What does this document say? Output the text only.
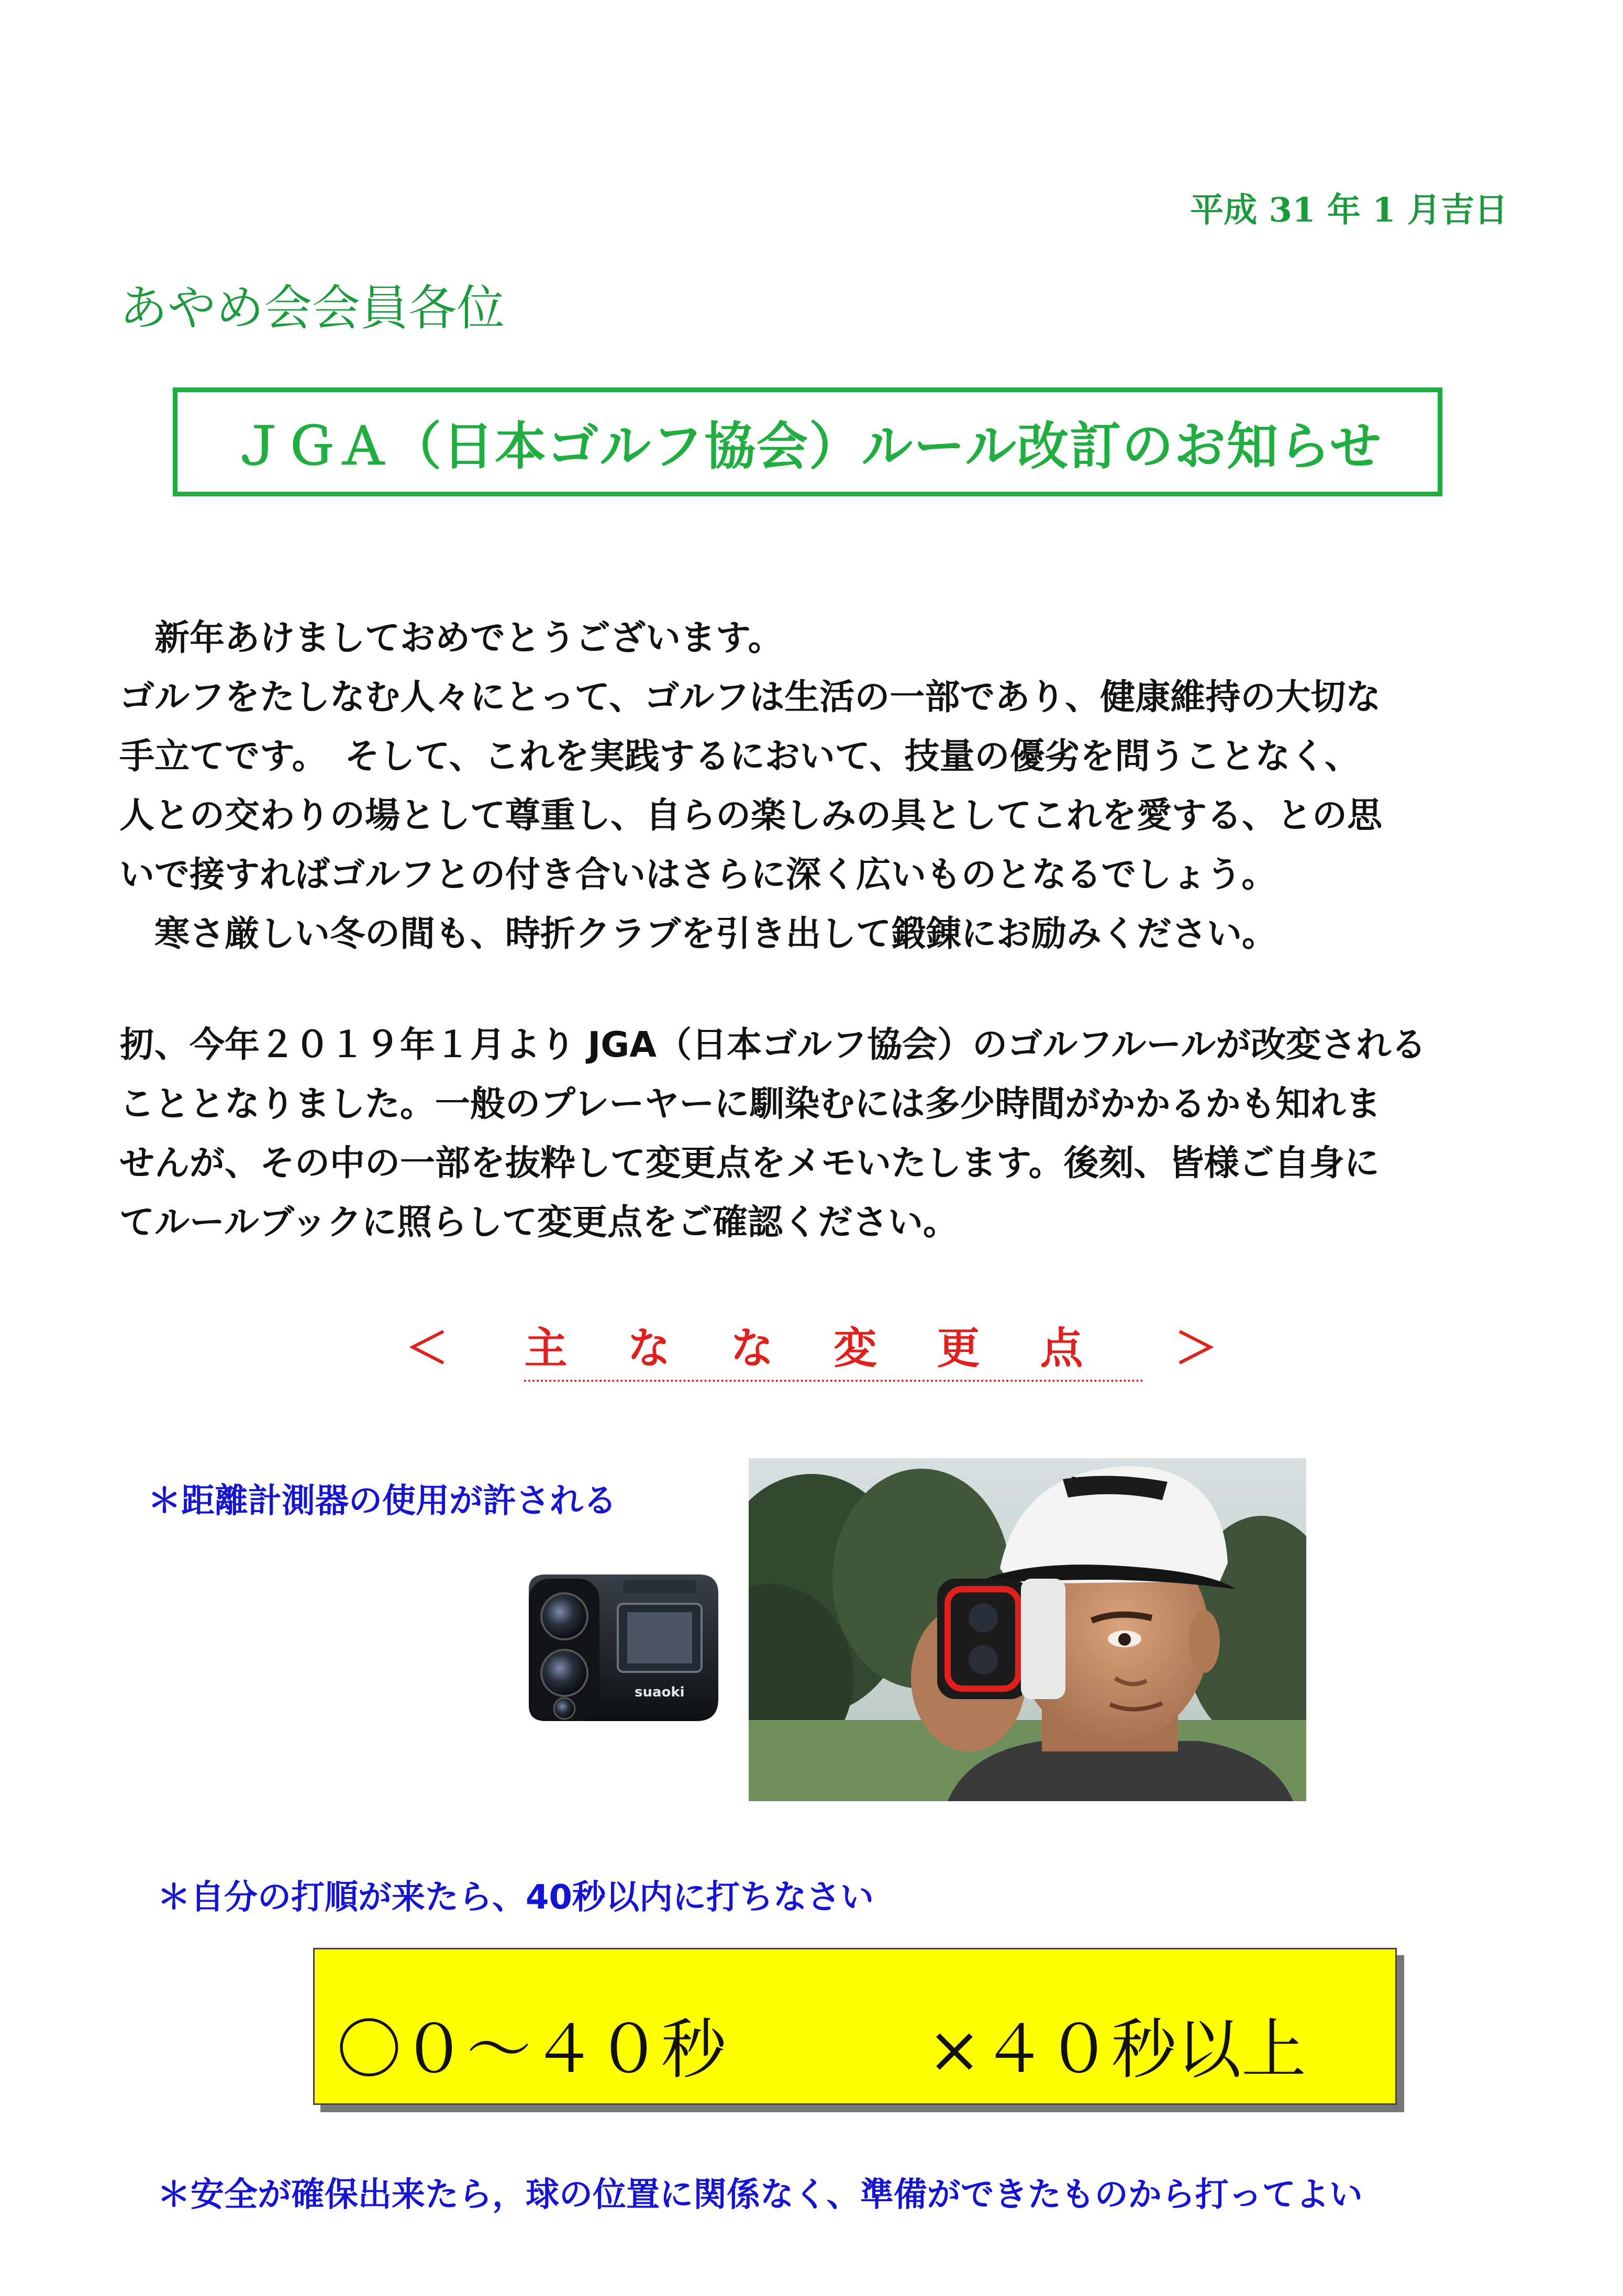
平成 31 年 1 月吉日
あやめ会会員各位
ＪＧＡ（日本ゴルフ協会）ルール改訂のお知らせ
　新年あけましておめでとうございます。
ゴルフをたしなむ人々にとって、ゴルフは生活の一部であり、健康維持の大切な
手立てです。　そして、これを実践するにおいて、技量の優劣を問うことなく、
人との交わりの場として尊重し、自らの楽しみの具としてこれを愛する、との思
いで接すればゴルフとの付き合いはさらに深く広いものとなるでしょう。
　寒さ厳しい冬の間も、時折クラブを引き出して鍛錬にお励みください。
扨、今年２０１９年１月より JGA（日本ゴルフ協会）のゴルフルールが改変される
こととなりました。一般のプレーヤーに馴染むには多少時間がかかるかも知れま
せんが、その中の一部を抜粋して変更点をメモいたします。後刻、皆様ご自身に
てルールブックに照らして変更点をご確認ください。
＜ 主なな変更点 ＞
＊距離計測器の使用が許される
suaoki
puma
＊自分の打順が来たら、40秒以内に打ちなさい
〇０～４０秒	×４０秒以上
＊安全が確保出来たら，球の位置に関係なく、準備ができたものから打ってよい
